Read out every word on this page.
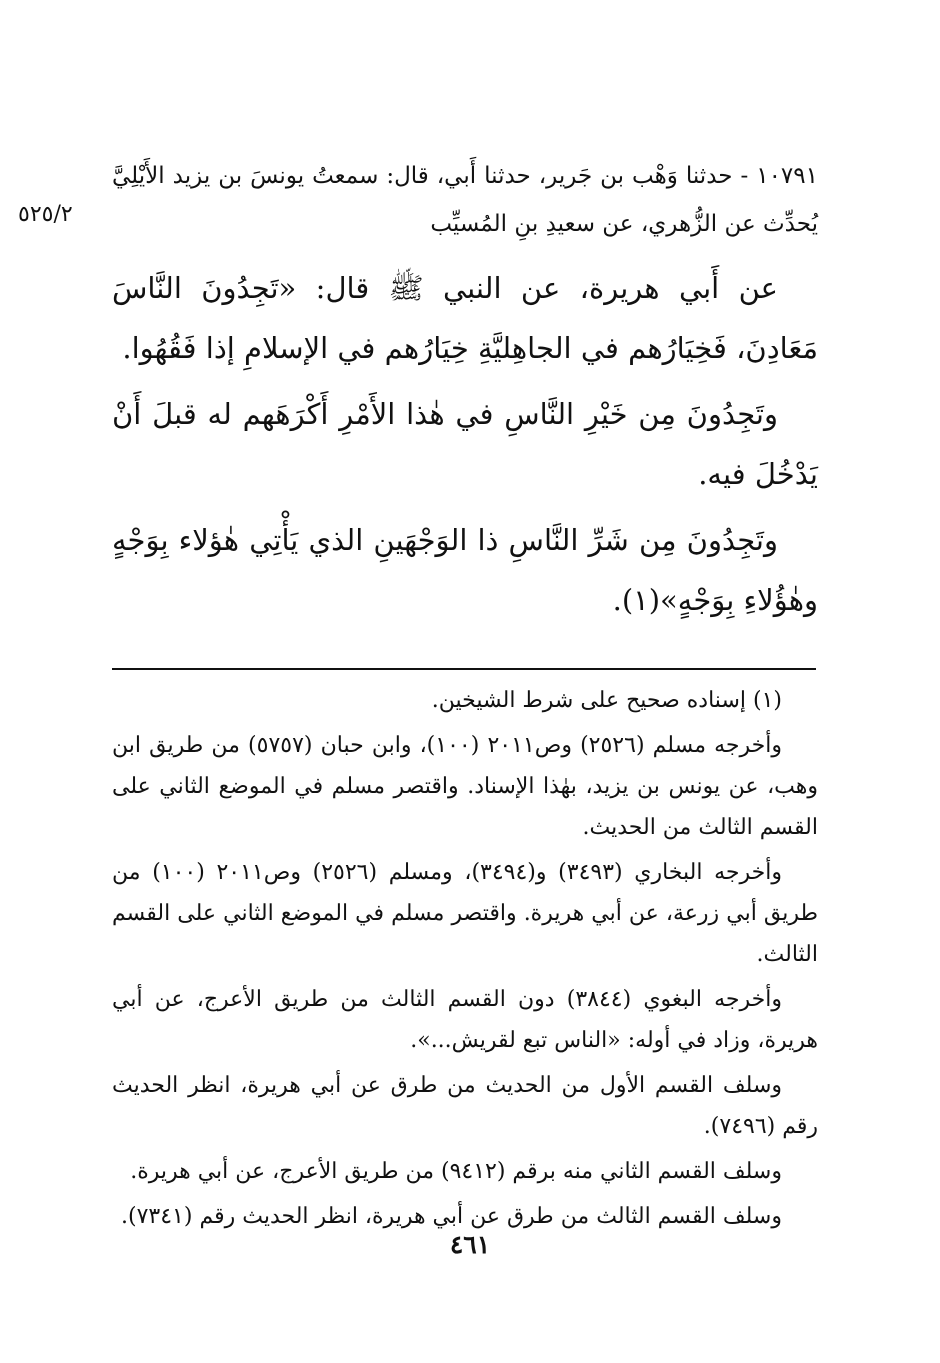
٥٢٥/٢
١٠٧٩١ - حدثنا وَهْب بن جَرير، حدثنا أَبي، قال: سمعتُ يونسَ بن يزيد الأَيْلِيَّ يُحدِّث عن الزُّهري، عن سعيدِ بنِ المُسيِّب

عن أَبي هريرة، عن النبي ﷺ قال: «تَجِدُونَ النَّاسَ مَعَادِنَ، فَخِيَارُهم في الجاهِليَّةِ خِيَارُهم في الإسلامِ إذا فَقُهُوا.

وتَجِدُونَ مِن خَيْرِ النَّاسِ في هٰذا الأَمْرِ أَكْرَهَهم له قبلَ أَنْ يَدْخُلَ فيه.

وتَجِدُونَ مِن شَرِّ النَّاسِ ذا الوَجْهَينِ الذي يَأْتِي هٰؤلاء بِوَجْهٍ وهٰؤُلاءِ بِوَجْهٍ»(١).

(١) إسناده صحيح على شرط الشيخين.

وأخرجه مسلم (٢٥٢٦) وص٢٠١١ (١٠٠)، وابن حبان (٥٧٥٧) من طريق ابن وهب، عن يونس بن يزيد، بهٰذا الإسناد. واقتصر مسلم في الموضع الثاني على القسم الثالث من الحديث.

وأخرجه البخاري (٣٤٩٣) و(٣٤٩٤)، ومسلم (٢٥٢٦) وص٢٠١١ (١٠٠) من طريق أبي زرعة، عن أبي هريرة. واقتصر مسلم في الموضع الثاني على القسم الثالث.

وأخرجه البغوي (٣٨٤٤) دون القسم الثالث من طريق الأعرج، عن أبي هريرة، وزاد في أوله: «الناس تبع لقريش...».

وسلف القسم الأول من الحديث من طرق عن أبي هريرة، انظر الحديث رقم (٧٤٩٦).

وسلف القسم الثاني منه برقم (٩٤١٢) من طريق الأعرج، عن أبي هريرة.

وسلف القسم الثالث من طرق عن أبي هريرة، انظر الحديث رقم (٧٣٤١).

٤٦١
